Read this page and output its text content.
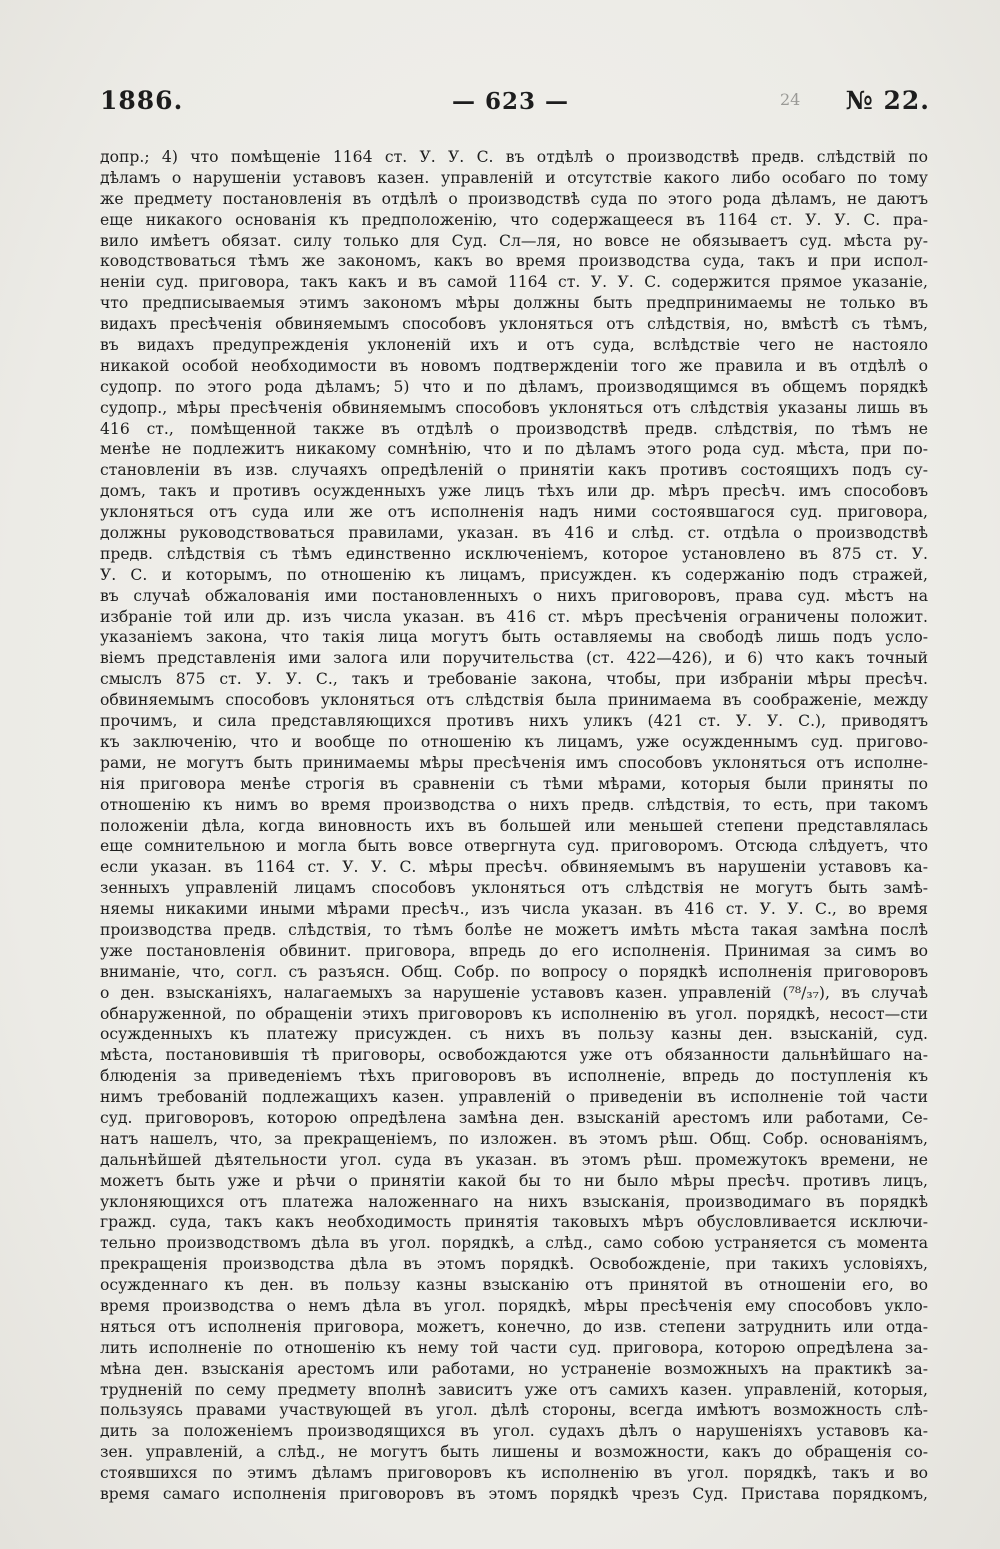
1886.	— 623 —	24 № 22.
допр.; 4) что помѣщеніе 1164 ст. У. У. С. въ отдѣлѣ о производствѣ предв. слѣдствій по
дѣламъ о нарушеніи уставовъ казен. управленій и отсутствіе какого либо особаго по тому
же предмету постановленія въ отдѣлѣ о производствѣ суда по этого рода дѣламъ, не даютъ
еще никакого основанія къ предположенію, что содержащееся въ 1164 ст. У. У. С. пра-
вило имѣетъ обязат. силу только для Суд. Сл—ля, но вовсе не обязываетъ суд. мѣста ру-
ководствоваться тѣмъ же закономъ, какъ во время производства суда, такъ и при испол-
неніи суд. приговора, такъ какъ и въ самой 1164 ст. У. У. С. содержится прямое указаніе,
что предписываемыя этимъ закономъ мѣры должны быть предпринимаемы не только въ
видахъ пресѣченія обвиняемымъ способовъ уклоняться отъ слѣдствія, но, вмѣстѣ съ тѣмъ,
въ видахъ предупрежденія уклоненій ихъ и отъ суда, вслѣдствіе чего не настояло
никакой особой необходимости въ новомъ подтвержденіи того же правила и въ отдѣлѣ о
судопр. по этого рода дѣламъ; 5) что и по дѣламъ, производящимся въ общемъ порядкѣ
судопр., мѣры пресѣченія обвиняемымъ способовъ уклоняться отъ слѣдствія указаны лишь въ
416 ст., помѣщенной также въ отдѣлѣ о производствѣ предв. слѣдствія, по тѣмъ не
менѣе не подлежитъ никакому сомнѣнію, что и по дѣламъ этого рода суд. мѣста, при по-
становленіи въ изв. случаяхъ опредѣленій о принятіи какъ противъ состоящихъ подъ су-
домъ, такъ и противъ осужденныхъ уже лицъ тѣхъ или др. мѣръ пресѣч. имъ способовъ
уклоняться отъ суда или же отъ исполненія надъ ними состоявшагося суд. приговора,
должны руководствоваться правилами, указан. въ 416 и слѣд. ст. отдѣла о производствѣ
предв. слѣдствія съ тѣмъ единственно исключеніемъ, которое установлено въ 875 ст. У.
У. С. и которымъ, по отношенію къ лицамъ, присужден. къ содержанію подъ стражей,
въ случаѣ обжалованія ими постановленныхъ о нихъ приговоровъ, права суд. мѣстъ на
избраніе той или др. изъ числа указан. въ 416 ст. мѣръ пресѣченія ограничены положит.
указаніемъ закона, что такія лица могутъ быть оставляемы на свободѣ лишь подъ усло-
віемъ представленія ими залога или поручительства (ст. 422—426), и 6) что какъ точный
смыслъ 875 ст. У. У. С., такъ и требованіе закона, чтобы, при избраніи мѣры пресѣч.
обвиняемымъ способовъ уклоняться отъ слѣдствія была принимаема въ соображеніе, между
прочимъ, и сила представляющихся противъ нихъ уликъ (421 ст. У. У. С.), приводятъ
къ заключенію, что и вообще по отношенію къ лицамъ, уже осужденнымъ суд. пригово-
рами, не могутъ быть принимаемы мѣры пресѣченія имъ способовъ уклоняться отъ исполне-
нія приговора менѣе строгія въ сравненіи съ тѣми мѣрами, которыя были приняты по
отношенію къ нимъ во время производства о нихъ предв. слѣдствія, то есть, при такомъ
положеніи дѣла, когда виновность ихъ въ большей или меньшей степени представлялась
еще сомнительною и могла быть вовсе отвергнута суд. приговоромъ. Отсюда слѣдуетъ, что
если указан. въ 1164 ст. У. У. С. мѣры пресѣч. обвиняемымъ въ нарушеніи уставовъ ка-
зенныхъ управленій лицамъ способовъ уклоняться отъ слѣдствія не могутъ быть замѣ-
няемы никакими иными мѣрами пресѣч., изъ числа указан. въ 416 ст. У. У. С., во время
производства предв. слѣдствія, то тѣмъ болѣе не можетъ имѣть мѣста такая замѣна послѣ
уже постановленія обвинит. приговора, впредь до его исполненія. Принимая за симъ во
вниманіе, что, согл. съ разъясн. Общ. Собр. по вопросу о порядкѣ исполненія приговоровъ
о ден. взысканіяхъ, налагаемыхъ за нарушеніе уставовъ казен. управленій (⁷⁸/₃₇), въ случаѣ
обнаруженной, по обращеніи этихъ приговоровъ къ исполненію въ угол. порядкѣ, несост—сти
осужденныхъ къ платежу присужден. съ нихъ въ пользу казны ден. взысканій, суд.
мѣста, постановившія тѣ приговоры, освобождаются уже отъ обязанности дальнѣйшаго на-
блюденія за приведеніемъ тѣхъ приговоровъ въ исполненіе, впредь до поступленія къ
нимъ требованій подлежащихъ казен. управленій о приведеніи въ исполненіе той части
суд. приговоровъ, которою опредѣлена замѣна ден. взысканій арестомъ или работами, Се-
натъ нашелъ, что, за прекращеніемъ, по изложен. въ этомъ рѣш. Общ. Собр. основаніямъ,
дальнѣйшей дѣятельности угол. суда въ указан. въ этомъ рѣш. промежутокъ времени, не
можетъ быть уже и рѣчи о принятіи какой бы то ни было мѣры пресѣч. противъ лицъ,
уклоняющихся отъ платежа наложеннаго на нихъ взысканія, производимаго въ порядкѣ
гражд. суда, такъ какъ необходимость принятія таковыхъ мѣръ обусловливается исключи-
тельно производствомъ дѣла въ угол. порядкѣ, а слѣд., само собою устраняется съ момента
прекращенія производства дѣла въ этомъ порядкѣ. Освобожденіе, при такихъ условіяхъ,
осужденнаго къ ден. въ пользу казны взысканію отъ принятой въ отношеніи его, во
время производства о немъ дѣла въ угол. порядкѣ, мѣры пресѣченія ему способовъ укло-
няться отъ исполненія приговора, можетъ, конечно, до изв. степени затруднить или отда-
лить исполненіе по отношенію къ нему той части суд. приговора, которою опредѣлена за-
мѣна ден. взысканія арестомъ или работами, но устраненіе возможныхъ на практикѣ за-
трудненій по сему предмету вполнѣ зависитъ уже отъ самихъ казен. управленій, которыя,
пользуясь правами участвующей въ угол. дѣлѣ стороны, всегда имѣютъ возможность слѣ-
дить за положеніемъ производящихся въ угол. судахъ дѣлъ о нарушеніяхъ уставовъ ка-
зен. управленій, а слѣд., не могутъ быть лишены и возможности, какъ до обращенія со-
стоявшихся по этимъ дѣламъ приговоровъ къ исполненію въ угол. порядкѣ, такъ и во
время самаго исполненія приговоровъ въ этомъ порядкѣ чрезъ Суд. Пристава порядкомъ,
